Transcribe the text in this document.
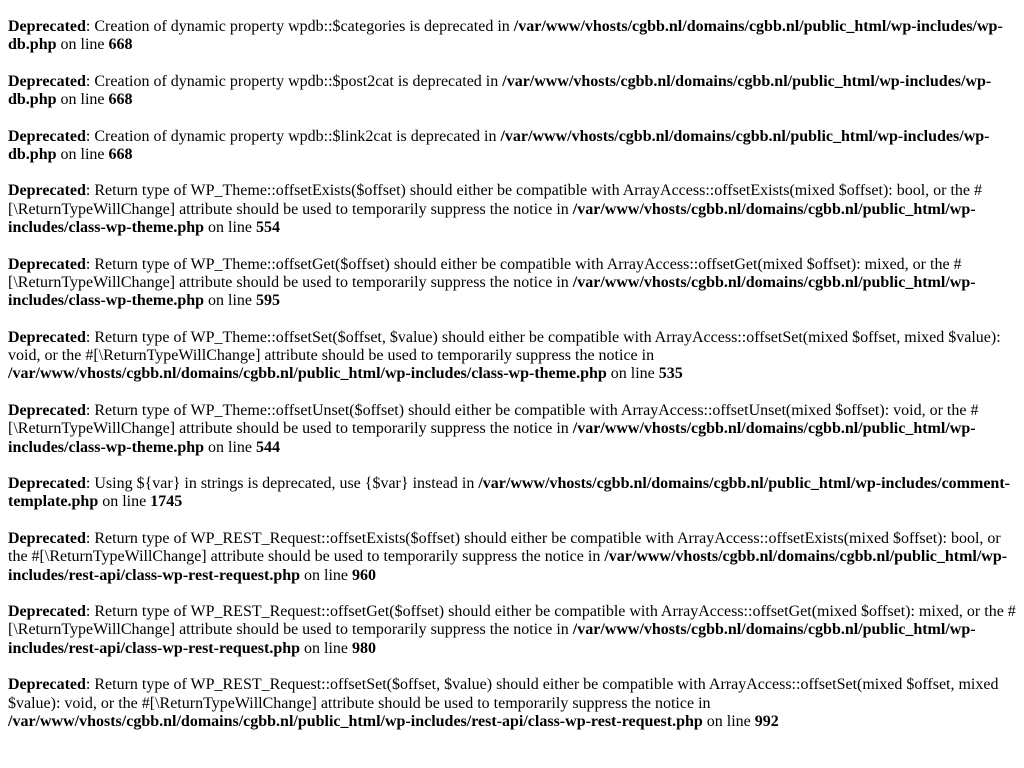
Deprecated: Creation of dynamic property wpdb::$categories is deprecated in /var/www/vhosts/cgbb.nl/domains/cgbb.nl/public_html/wp-includes/wp-db.php on line 668

Deprecated: Creation of dynamic property wpdb::$post2cat is deprecated in /var/www/vhosts/cgbb.nl/domains/cgbb.nl/public_html/wp-includes/wp-db.php on line 668

Deprecated: Creation of dynamic property wpdb::$link2cat is deprecated in /var/www/vhosts/cgbb.nl/domains/cgbb.nl/public_html/wp-includes/wp-db.php on line 668

Deprecated: Return type of WP_Theme::offsetExists($offset) should either be compatible with ArrayAccess::offsetExists(mixed $offset): bool, or the #[\ReturnTypeWillChange] attribute should be used to temporarily suppress the notice in /var/www/vhosts/cgbb.nl/domains/cgbb.nl/public_html/wp-includes/class-wp-theme.php on line 554

Deprecated: Return type of WP_Theme::offsetGet($offset) should either be compatible with ArrayAccess::offsetGet(mixed $offset): mixed, or the #[\ReturnTypeWillChange] attribute should be used to temporarily suppress the notice in /var/www/vhosts/cgbb.nl/domains/cgbb.nl/public_html/wp-includes/class-wp-theme.php on line 595

Deprecated: Return type of WP_Theme::offsetSet($offset, $value) should either be compatible with ArrayAccess::offsetSet(mixed $offset, mixed $value): void, or the #[\ReturnTypeWillChange] attribute should be used to temporarily suppress the notice in /var/www/vhosts/cgbb.nl/domains/cgbb.nl/public_html/wp-includes/class-wp-theme.php on line 535

Deprecated: Return type of WP_Theme::offsetUnset($offset) should either be compatible with ArrayAccess::offsetUnset(mixed $offset): void, or the #[\ReturnTypeWillChange] attribute should be used to temporarily suppress the notice in /var/www/vhosts/cgbb.nl/domains/cgbb.nl/public_html/wp-includes/class-wp-theme.php on line 544

Deprecated: Using ${var} in strings is deprecated, use {$var} instead in /var/www/vhosts/cgbb.nl/domains/cgbb.nl/public_html/wp-includes/comment-template.php on line 1745

Deprecated: Return type of WP_REST_Request::offsetExists($offset) should either be compatible with ArrayAccess::offsetExists(mixed $offset): bool, or the #[\ReturnTypeWillChange] attribute should be used to temporarily suppress the notice in /var/www/vhosts/cgbb.nl/domains/cgbb.nl/public_html/wp-includes/rest-api/class-wp-rest-request.php on line 960

Deprecated: Return type of WP_REST_Request::offsetGet($offset) should either be compatible with ArrayAccess::offsetGet(mixed $offset): mixed, or the #[\ReturnTypeWillChange] attribute should be used to temporarily suppress the notice in /var/www/vhosts/cgbb.nl/domains/cgbb.nl/public_html/wp-includes/rest-api/class-wp-rest-request.php on line 980

Deprecated: Return type of WP_REST_Request::offsetSet($offset, $value) should either be compatible with ArrayAccess::offsetSet(mixed $offset, mixed $value): void, or the #[\ReturnTypeWillChange] attribute should be used to temporarily suppress the notice in /var/www/vhosts/cgbb.nl/domains/cgbb.nl/public_html/wp-includes/rest-api/class-wp-rest-request.php on line 992
